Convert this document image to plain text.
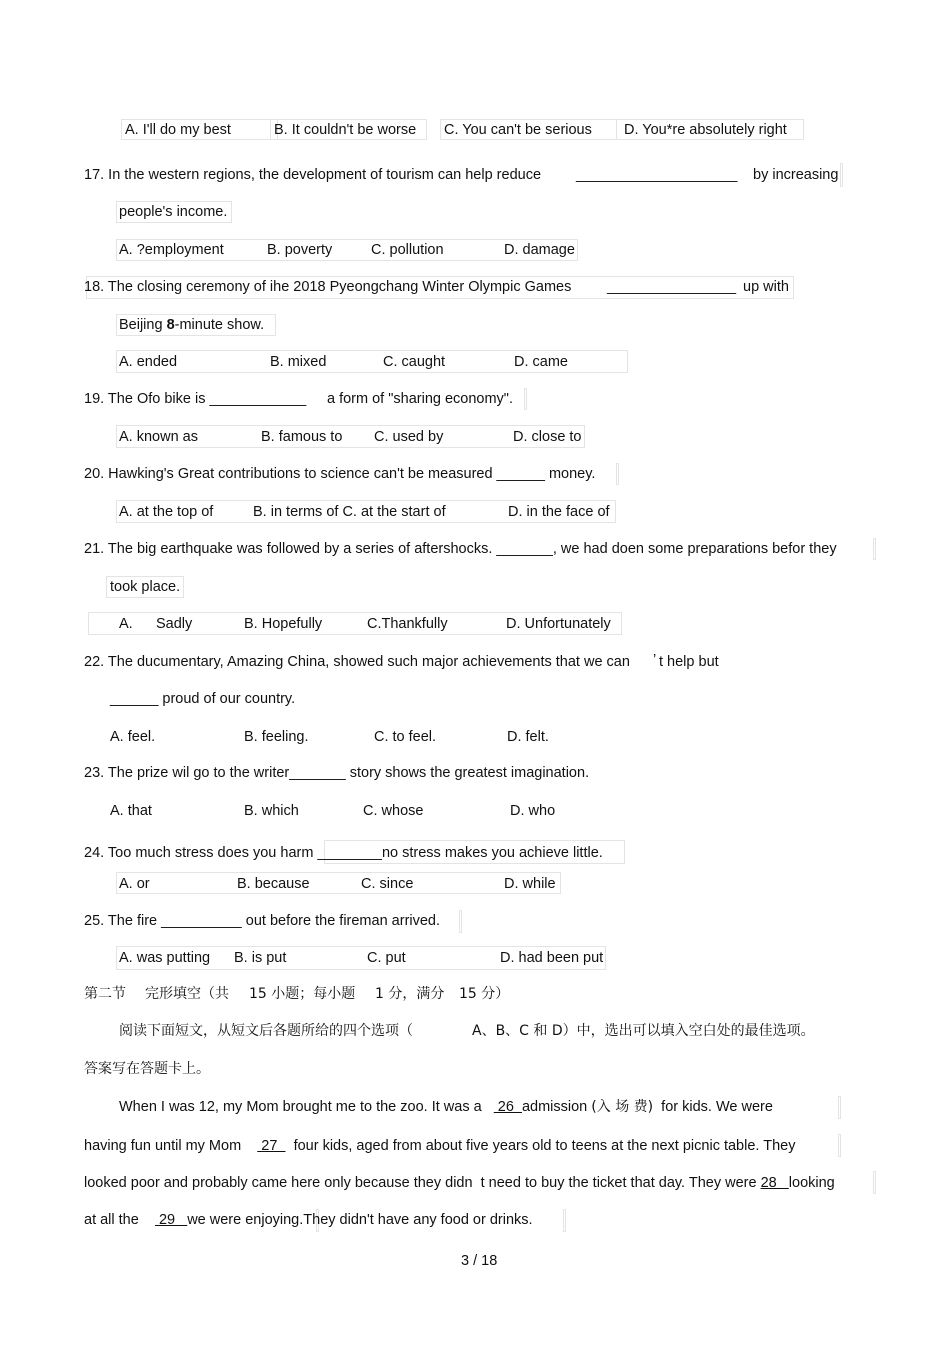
A. I'll do my best	B. It couldn't be worse C. You can't be serious D. You*re absolutely right
17. In the western regions, the development of tourism can help reduce ____________________ by increasing
people's income.
A. ?employment	B. poverty	C. pollution	D. damage
18. The closing ceremony of ihe 2018 Pyeongchang Winter Olympic Games ________________ up with
Beijing 8-minute show.
A. ended	B. mixed	C. caught	D. came
19. The Ofo bike is ____________ a form of "sharing economy".
A. known as	B. famous to C. used by	D. close to
20. Hawking's Great contributions to science can't be measured ______ money.
A. at the top of	B. in terms of C. at the start of	D. in the face of
21. The big earthquake was followed by a series of aftershocks. _______, we had doen some preparations befor they
took place.
A. Sadly	B. Hopefully	C.Thankfully	D. Unfortunately
22. The ducumentary, Amazing China, showed such major achievements that we can ’ t help but
______ proud of our country.
A. feel.	B. feeling.	C. to feel.	D. felt.
23. The prize wil go to the writer_______ story shows the greatest imagination.
A. that	B. which	C. whose	D. who
24. Too much stress does you harm ________no stress makes you achieve little.
A. or	B. because	C. since	D. while
25. The fire __________ out before the fireman arrived.
A. was putting B. is put	C. put	D. had been put
第二节 完形填空（共 15 小题；每小题 1 分，满分 15 分）
阅读下面短文，从短文后各题所给的四个选项（	A、B、C 和 D）中，选出可以填入空白处的最佳选项。
答案写在答题卡上。
When I was 12, my Mom brought me to the zoo. It was a    26  admission (入 场 费) for kids. We were
having fun until my Mom     27    four kids, aged from about five years old to teens at the next picnic table. They
looked poor and probably came here only because they didn t need to buy the ticket that day. They were 28   looking
at all the     29   we were enjoying.They didn't have any food or drinks.
3 / 18
